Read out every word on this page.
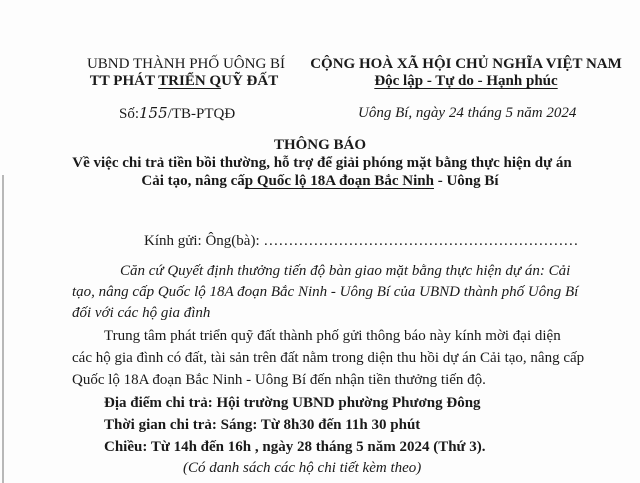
UBND THÀNH PHỐ UÔNG BÍ
TT PHÁT TRIỂN QUỸ ĐẤT
Số:155/TB-PTQĐ
CỘNG HOÀ XÃ HỘI CHỦ NGHĨA VIỆT NAM
Độc lập - Tự do - Hạnh phúc
Uông Bí, ngày 24 tháng 5 năm 2024
THÔNG BÁO
Về việc chi trả tiền bồi thường, hỗ trợ để giải phóng mặt bằng thực hiện dự án
Cải tạo, nâng cấp Quốc lộ 18A đoạn Bắc Ninh - Uông Bí
Kính gửi: Ông(bà): ………………………………………………………
Căn cứ Quyết định thưởng tiến độ bàn giao mặt bằng thực hiện dự án: Cải
tạo, nâng cấp Quốc lộ 18A đoạn Bắc Ninh - Uông Bí của UBND thành phố Uông Bí
đối với các hộ gia đình
Trung tâm phát triển quỹ đất thành phố gửi thông báo này kính mời đại diện
các hộ gia đình có đất, tài sản trên đất nằm trong diện thu hồi dự án Cải tạo, nâng cấp
Quốc lộ 18A đoạn Bắc Ninh - Uông Bí đến nhận tiền thưởng tiến độ.
Địa điểm chi trả: Hội trường UBND phường Phương Đông
Thời gian chi trả: Sáng: Từ 8h30 đến 11h 30 phút
Chiều: Từ 14h đến 16h , ngày 28 tháng 5 năm 2024 (Thứ 3).
(Có danh sách các hộ chi tiết kèm theo)
